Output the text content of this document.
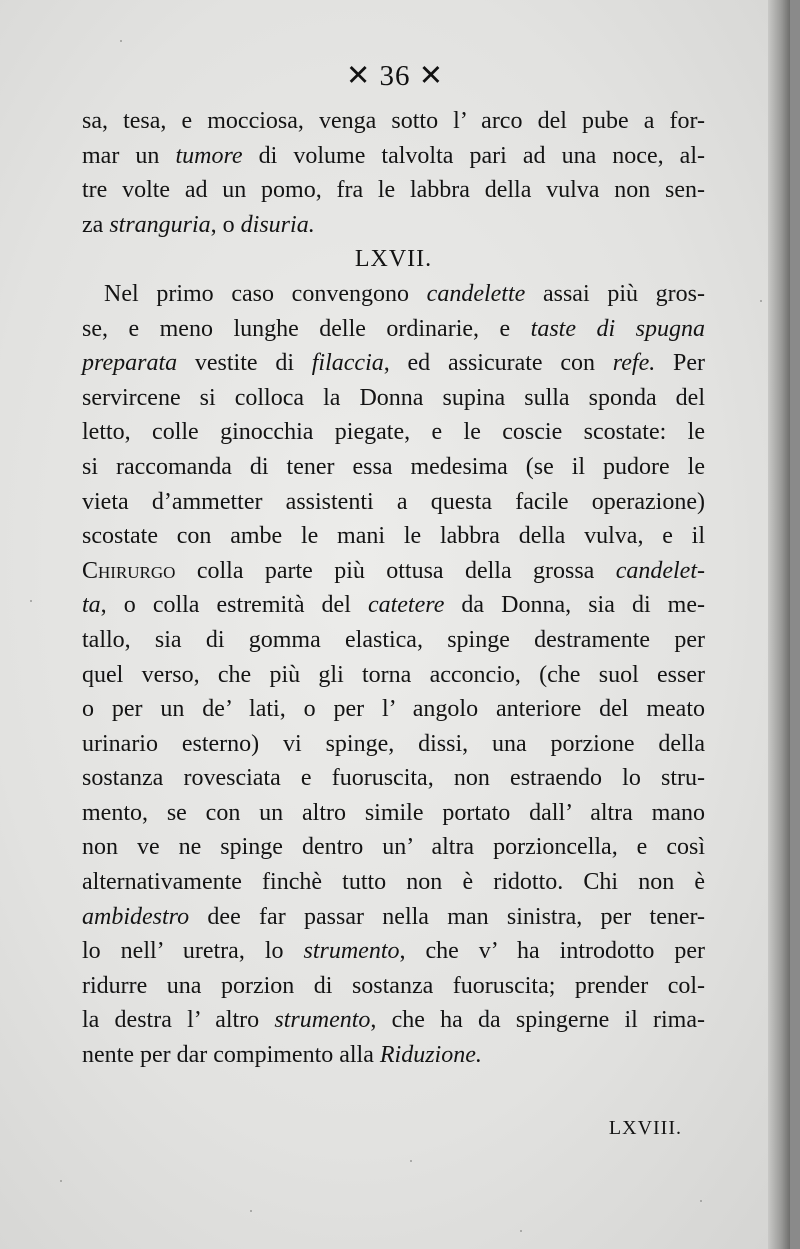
✕ 36 ✕
sa, tesa, e mocciosa, venga sotto l’ arco del pube a for-
mar un tumore di volume talvolta pari ad una noce, al-
tre volte ad un pomo, fra le labbra della vulva non sen-
za stranguria, o disuria.
LXVII.
Nel primo caso convengono candelette assai più gros-
se, e meno lunghe delle ordinarie, e taste di spugna
preparata vestite di filaccia, ed assicurate con refe. Per
servircene si colloca la Donna supina sulla sponda del
letto, colle ginocchia piegate, e le coscie scostate: le
si raccomanda di tener essa medesima (se il pudore le
vieta d’ammetter assistenti a questa facile operazione)
scostate con ambe le mani le labbra della vulva, e il
Chirurgo colla parte più ottusa della grossa candelet-
ta, o colla estremità del catetere da Donna, sia di me-
tallo, sia di gomma elastica, spinge destramente per
quel verso, che più gli torna acconcio, (che suol esser
o per un de’ lati, o per l’ angolo anteriore del meato
urinario esterno) vi spinge, dissi, una porzione della
sostanza rovesciata e fuoruscita, non estraendo lo stru-
mento, se con un altro simile portato dall’ altra mano
non ve ne spinge dentro un’ altra porzioncella, e così
alternativamente finchè tutto non è ridotto. Chi non è
ambidestro dee far passar nella man sinistra, per tener-
lo nell’ uretra, lo strumento, che v’ ha introdotto per
ridurre una porzion di sostanza fuoruscita; prender col-
la destra l’ altro strumento, che ha da spingerne il rima-
nente per dar compimento alla Riduzione.
LXVIII.
